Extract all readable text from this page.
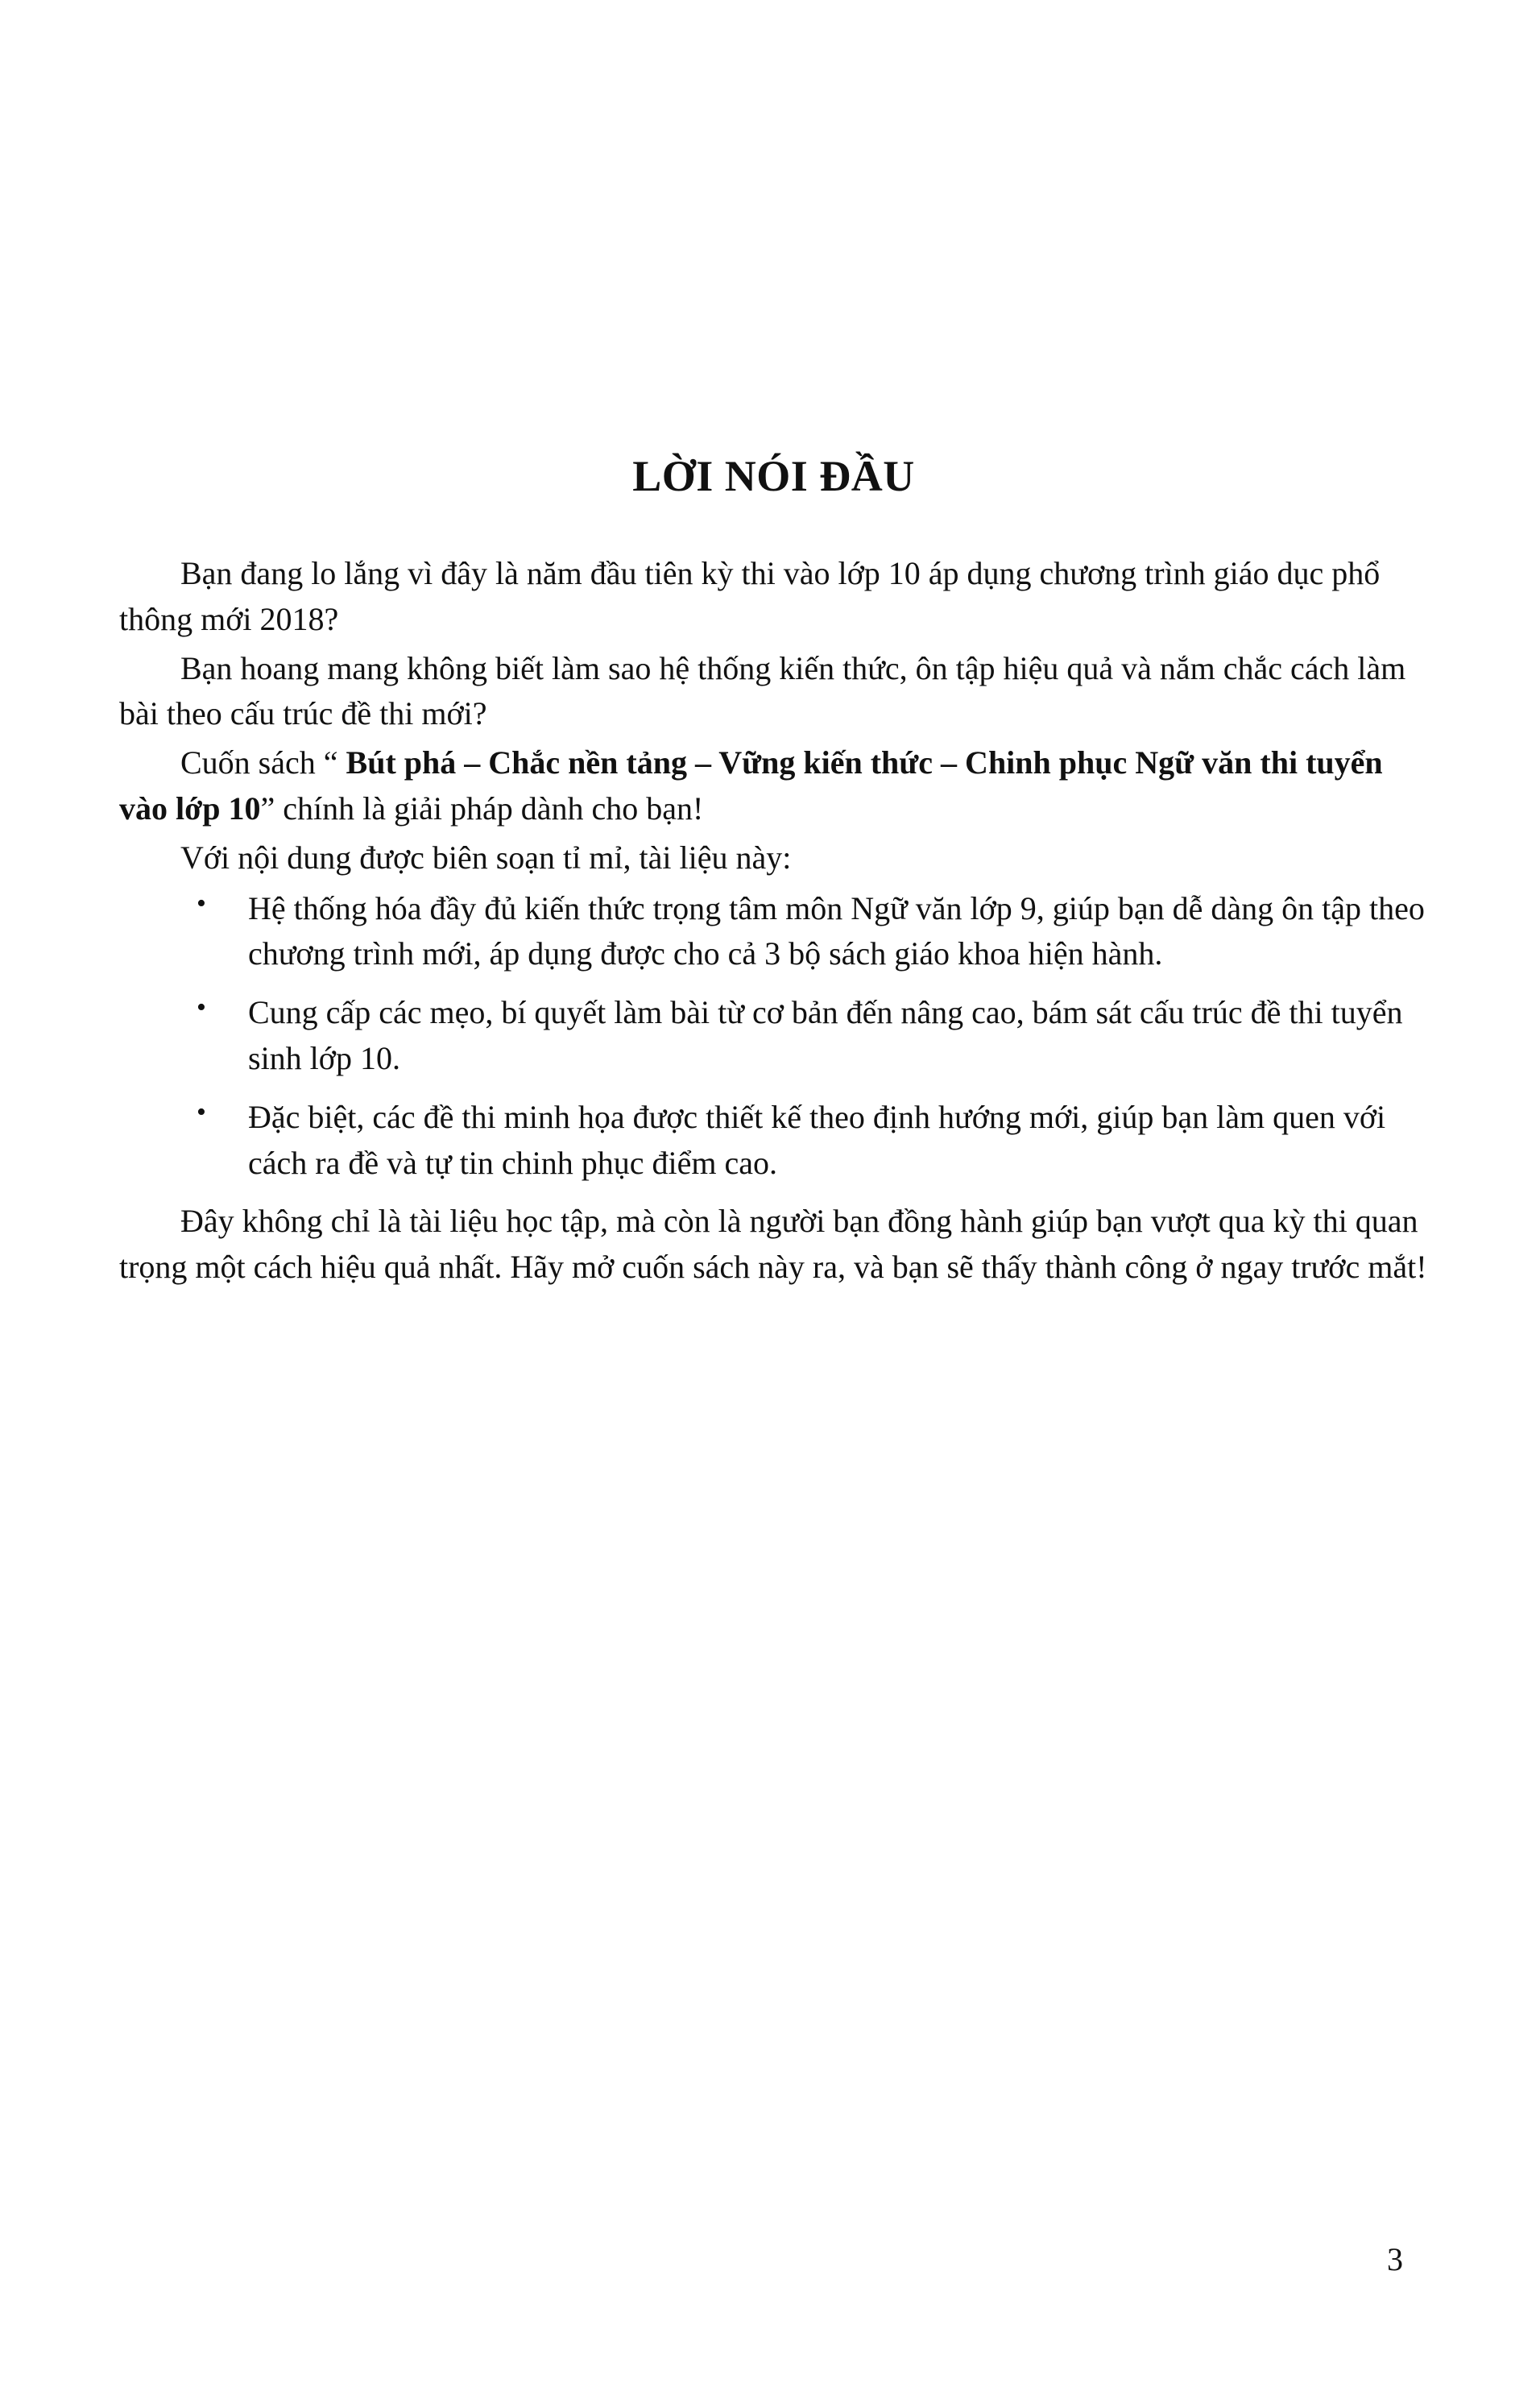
LỜI NÓI ĐẦU

Bạn đang lo lắng vì đây là năm đầu tiên kỳ thi vào lớp 10 áp dụng chương trình giáo dục phổ thông mới 2018?

Bạn hoang mang không biết làm sao hệ thống kiến thức, ôn tập hiệu quả và nắm chắc cách làm bài theo cấu trúc đề thi mới?

Cuốn sách “ Bút phá – Chắc nền tảng – Vững kiến thức – Chinh phục Ngữ văn thi tuyển vào lớp 10” chính là giải pháp dành cho bạn!

Với nội dung được biên soạn tỉ mỉ, tài liệu này:

• Hệ thống hóa đầy đủ kiến thức trọng tâm môn Ngữ văn lớp 9, giúp bạn dễ dàng ôn tập theo chương trình mới, áp dụng được cho cả 3 bộ sách giáo khoa hiện hành.
• Cung cấp các mẹo, bí quyết làm bài từ cơ bản đến nâng cao, bám sát cấu trúc đề thi tuyển sinh lớp 10.
• Đặc biệt, các đề thi minh họa được thiết kế theo định hướng mới, giúp bạn làm quen với cách ra đề và tự tin chinh phục điểm cao.

Đây không chỉ là tài liệu học tập, mà còn là người bạn đồng hành giúp bạn vượt qua kỳ thi quan trọng một cách hiệu quả nhất. Hãy mở cuốn sách này ra, và bạn sẽ thấy thành công ở ngay trước mắt!

3
